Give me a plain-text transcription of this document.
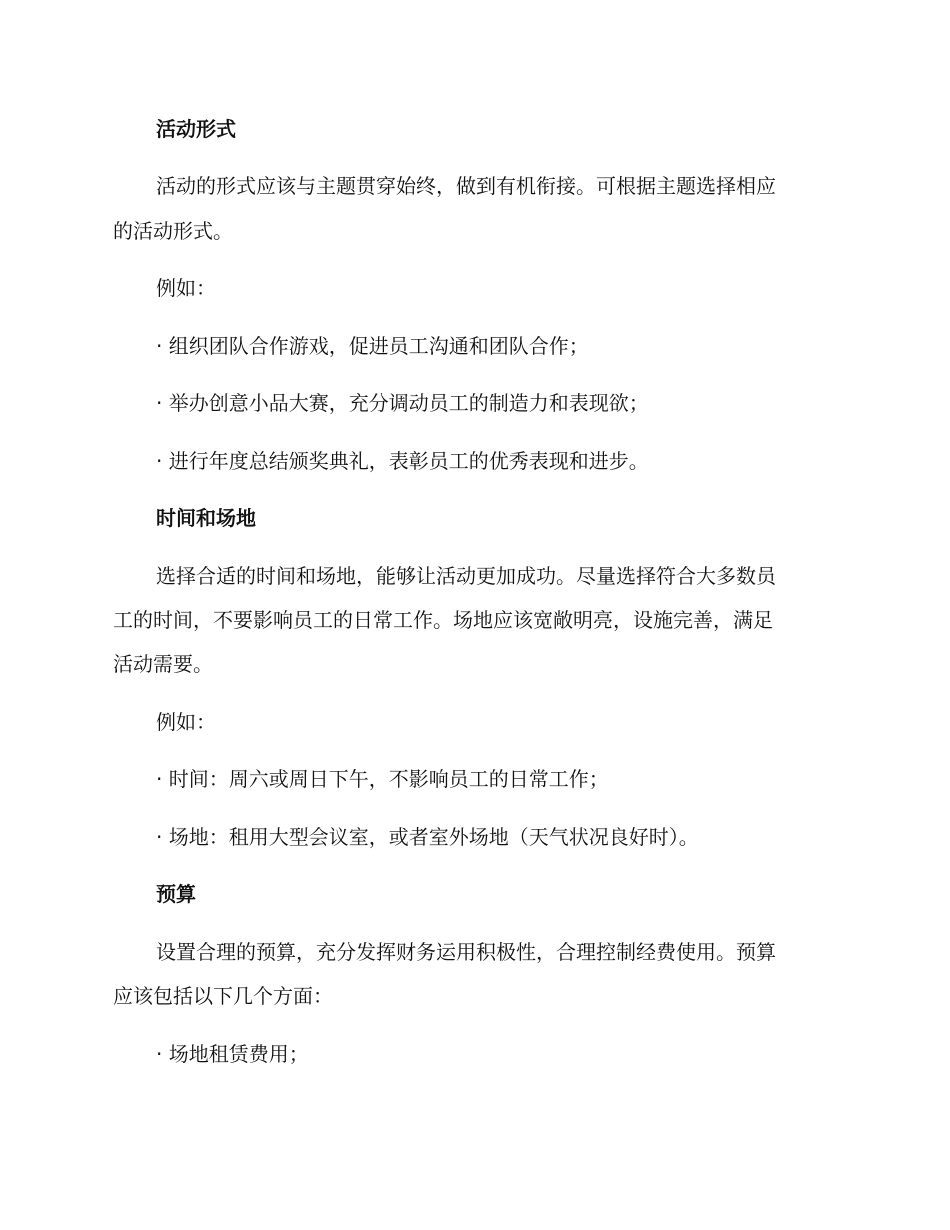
活动形式
活动的形式应该与主题贯穿始终，做到有机衔接。可根据主题选择相应
的活动形式。
例如：
· 组织团队合作游戏，促进员工沟通和团队合作；
· 举办创意小品大赛，充分调动员工的制造力和表现欲；
· 进行年度总结颁奖典礼，表彰员工的优秀表现和进步。
时间和场地
选择合适的时间和场地，能够让活动更加成功。尽量选择符合大多数员
工的时间，不要影响员工的日常工作。场地应该宽敞明亮，设施完善，满足
活动需要。
例如：
· 时间：周六或周日下午，不影响员工的日常工作；
· 场地：租用大型会议室，或者室外场地（天气状况良好时）。
预算
设置合理的预算，充分发挥财务运用积极性，合理控制经费使用。预算
应该包括以下几个方面：
· 场地租赁费用；
